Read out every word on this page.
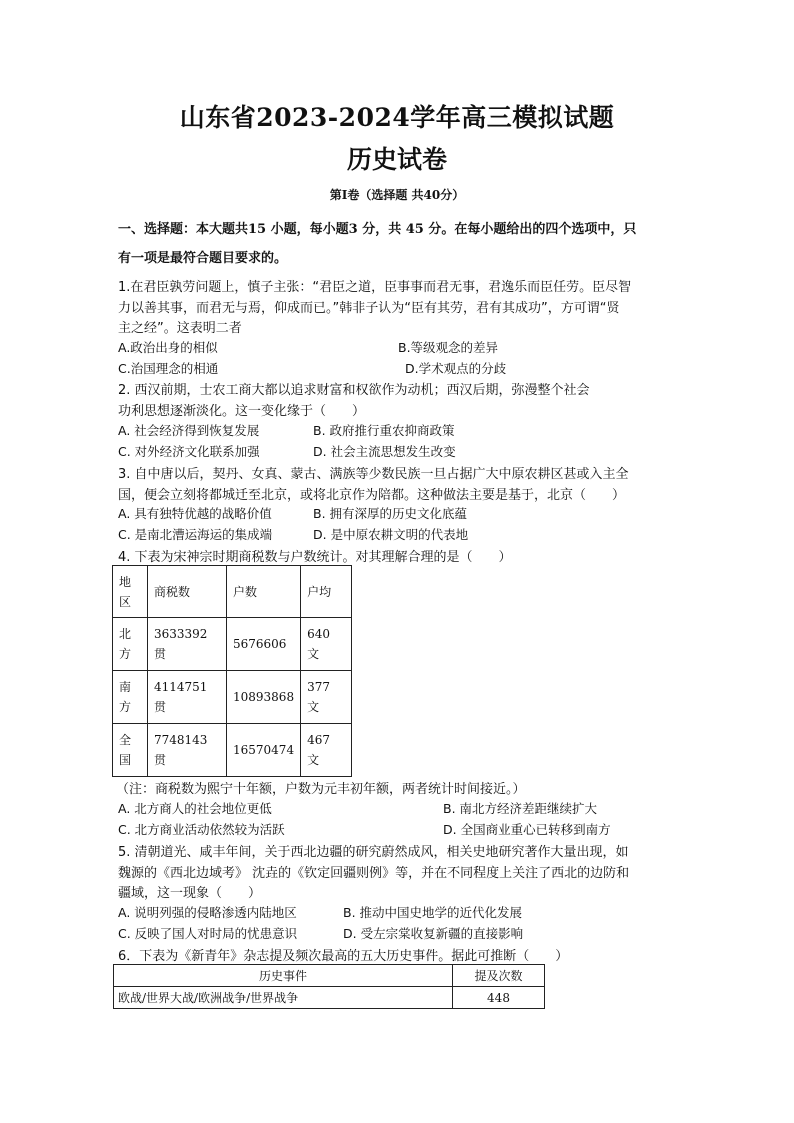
山东省2023-2024学年高三模拟试题
历史试卷
第Ⅰ卷（选择题 共40分）
一、选择题：本大题共15 小题，每小题3 分，共 45 分。在每小题给出的四个选项中，只
有一项是最符合题目要求的。
1.在君臣孰劳问题上，慎子主张：“君臣之道，臣事事而君无事，君逸乐而臣任劳。臣尽智
力以善其事，而君无与焉，仰成而已。”韩非子认为“臣有其劳，君有其成功”，方可谓“贤
主之经”。这表明二者
A.政治出身的相似	B.等级观念的差异
C.治国理念的相通	D.学术观点的分歧
2. 西汉前期，士农工商大都以追求财富和权欲作为动机；西汉后期，弥漫整个社会
功利思想逐渐淡化。这一变化缘于（　　）
A. 社会经济得到恢复发展	B. 政府推行重农抑商政策
C. 对外经济文化联系加强	D. 社会主流思想发生改变
3. 自中唐以后，契丹、女真、蒙古、满族等少数民族一旦占据广大中原农耕区甚或入主全
国，便会立刻将都城迁至北京，或将北京作为陪都。这种做法主要是基于，北京（　　）
A. 具有独特优越的战略价值	B. 拥有深厚的历史文化底蕴
C. 是南北漕运海运的集成端	D. 是中原农耕文明的代表地
4. 下表为宋神宗时期商税数与户数统计。对其理解合理的是（　　）
地
区	商税数	户数	户均

北
方	3633392
贯	5676606	640
文

南
方	4114751
贯	10893868	377
文

全
国	7748143
贯	16570474	467
文
（注：商税数为熙宁十年额，户数为元丰初年额，两者统计时间接近。）
A. 北方商人的社会地位更低	B. 南北方经济差距继续扩大
C. 北方商业活动依然较为活跃	D. 全国商业重心已转移到南方
5. 清朝道光、咸丰年间，关于西北边疆的研究蔚然成风，相关史地研究著作大量出现，如
魏源的《西北边域考》 沈垚的《钦定回疆则例》等，并在不同程度上关注了西北的边防和
疆域，这一现象（　　）
A. 说明列强的侵略渗透内陆地区	B. 推动中国史地学的近代化发展
C. 反映了国人对时局的忧患意识	D. 受左宗棠收复新疆的直接影响
6．下表为《新青年》杂志提及频次最高的五大历史事件。据此可推断（　　）
历史事件	提及次数
欧战/世界大战/欧洲战争/世界战争	448
